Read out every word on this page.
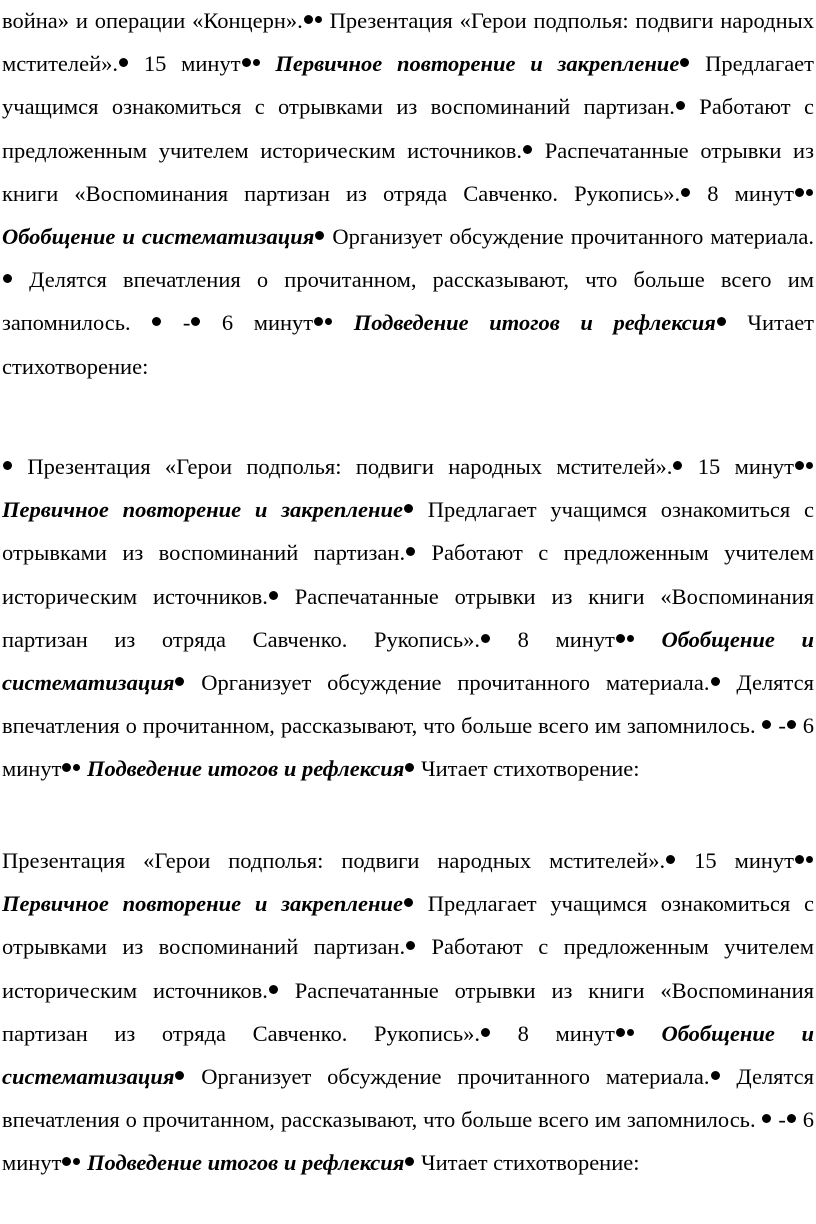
война» и операции «Концерн». Презентация «Герои подполья: подвиги народных мстителей». 15 минут Первичное повторение и закрепление Предлагает учащимся ознакомиться с отрывками из воспоминаний партизан. Работают с предложенным учителем историческим источников. Распечатанные отрывки из книги «Воспоминания партизан из отряда Савченко. Рукопись». 8 минут Обобщение и систематизация Организует обсуждение прочитанного материала. Делятся впечатления о прочитанном, рассказывают, что больше всего им запомнилось.  - 6 минут Подведение итогов и рефлексия Читает стихотворение:

Презентация «Герои подполья: подвиги народных мстителей». 15 минут Первичное повторение и закрепление Предлагает учащимся ознакомиться с отрывками из воспоминаний партизан. Работают с предложенным учителем историческим источников. Распечатанные отрывки из книги «Воспоминания партизан из отряда Савченко. Рукопись». 8 минут Обобщение и систематизация Организует обсуждение прочитанного материала. Делятся впечатления о прочитанном, рассказывают, что больше всего им запомнилось.  - 6 минут Подведение итогов и рефлексия Читает стихотворение:

Презентация «Герои подполья: подвиги народных мстителей». 15 минут Первичное повторение и закрепление Предлагает учащимся ознакомиться с отрывками из воспоминаний партизан. Работают с предложенным учителем историческим источников. Распечатанные отрывки из книги «Воспоминания партизан из отряда Савченко. Рукопись». 8 минут Обобщение и систематизация Организует обсуждение прочитанного материала. Делятся впечатления о прочитанном, рассказывают, что больше всего им запомнилось.  - 6 минут Подведение итогов и рефлексия Читает стихотворение:
